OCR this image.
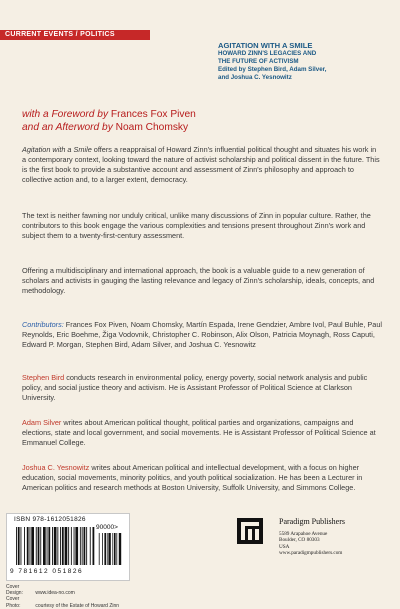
CURRENT EVENTS / POLITICS
AGITATION WITH A SMILE
HOWARD ZINN'S LEGACIES AND
THE FUTURE OF ACTIVISM
Edited by Stephen Bird, Adam Silver,
and Joshua C. Yesnowitz
with a Foreword by Frances Fox Piven
and an Afterword by Noam Chomsky
Agitation with a Smile offers a reappraisal of Howard Zinn's influential political thought and situates his work in a contemporary context, looking toward the nature of activist scholarship and political dissent in the future. This is the first book to provide a substantive account and assessment of Zinn's philosophy and approach to collective action and, to a larger extent, democracy.
The text is neither fawning nor unduly critical, unlike many discussions of Zinn in popular culture. Rather, the contributors to this book engage the various complexities and tensions present throughout Zinn's work and subject them to a twenty-first-century assessment.
Offering a multidisciplinary and international approach, the book is a valuable guide to a new generation of scholars and activists in gauging the lasting relevance and legacy of Zinn's scholarship, ideals, concepts, and methodology.
Contributors: Frances Fox Piven, Noam Chomsky, Martín Espada, Irene Gendzier, Ambre Ivol, Paul Buhle, Paul Reynolds, Eric Boehme, Žiga Vodovnik, Christopher C. Robinson, Alix Olson, Patricia Moynagh, Ross Caputi, Edward P. Morgan, Stephen Bird, Adam Silver, and Joshua C. Yesnowitz
Stephen Bird conducts research in environmental policy, energy poverty, social network analysis and public policy, and social justice theory and activism. He is Assistant Professor of Political Science at Clarkson University.
Adam Silver writes about American political thought, political parties and organizations, campaigns and elections, state and local government, and social movements. He is Assistant Professor of Political Science at Emmanuel College.
Joshua C. Yesnowitz writes about American political and intellectual development, with a focus on higher education, social movements, minority politics, and youth political socialization. He has been a Lecturer in American politics and research methods at Boston University, Suffolk University, and Simmons College.
ISBN 978-1612051826
90000>
9 781612 051826
Cover Design: www.idea-no.com
Cover Photo:	courtesy of the Estate of Howard Zinn
Paradigm Publishers
5589 Arapahoe Avenue
Boulder, CO 80303
USA
www.paradigmpublishers.com
